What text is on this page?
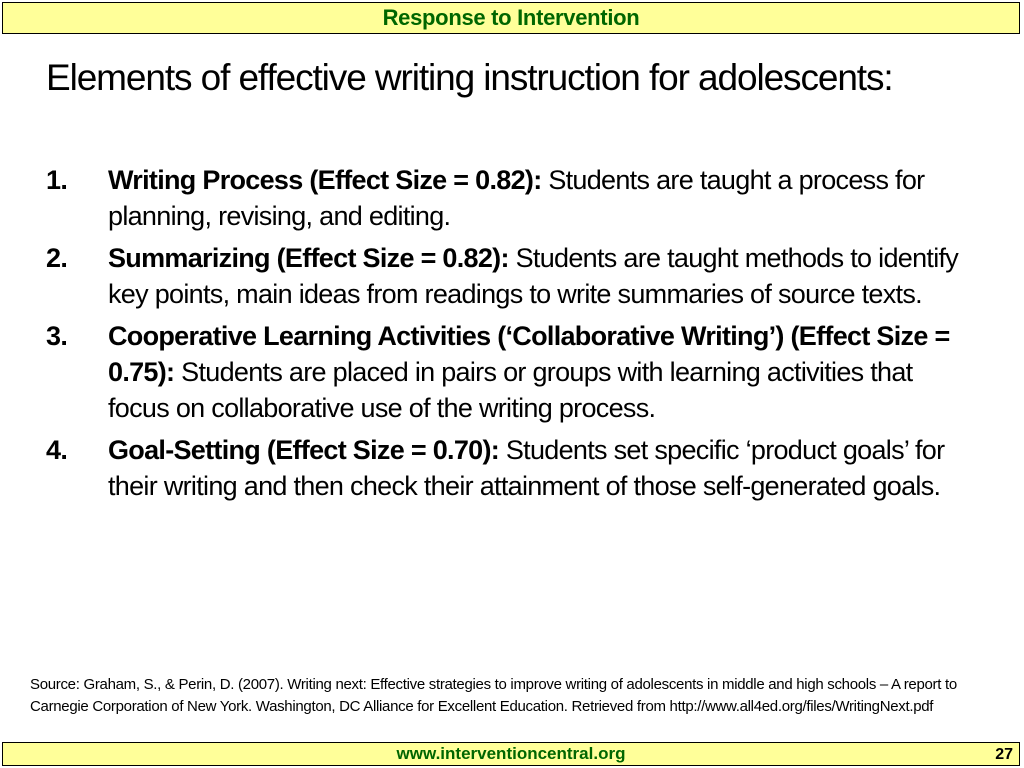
Response to Intervention
Elements of effective writing instruction for adolescents:
1.	Writing Process (Effect Size = 0.82): Students are taught a process for planning, revising, and editing.
2.	Summarizing (Effect Size = 0.82): Students are taught methods to identify key points, main ideas from readings to write summaries of source texts.
3.	Cooperative Learning Activities (‘Collaborative Writing’) (Effect Size = 0.75): Students are placed in pairs or groups with learning activities that focus on collaborative use of the writing process.
4.	Goal-Setting (Effect Size = 0.70): Students set specific ‘product goals’ for their writing and then check their attainment of those self-generated goals.
Source: Graham, S., & Perin, D. (2007). Writing next: Effective strategies to improve writing of adolescents in middle and high schools – A report to Carnegie Corporation of New York. Washington, DC Alliance for Excellent Education. Retrieved from http://www.all4ed.org/files/WritingNext.pdf
www.interventioncentral.org	27
